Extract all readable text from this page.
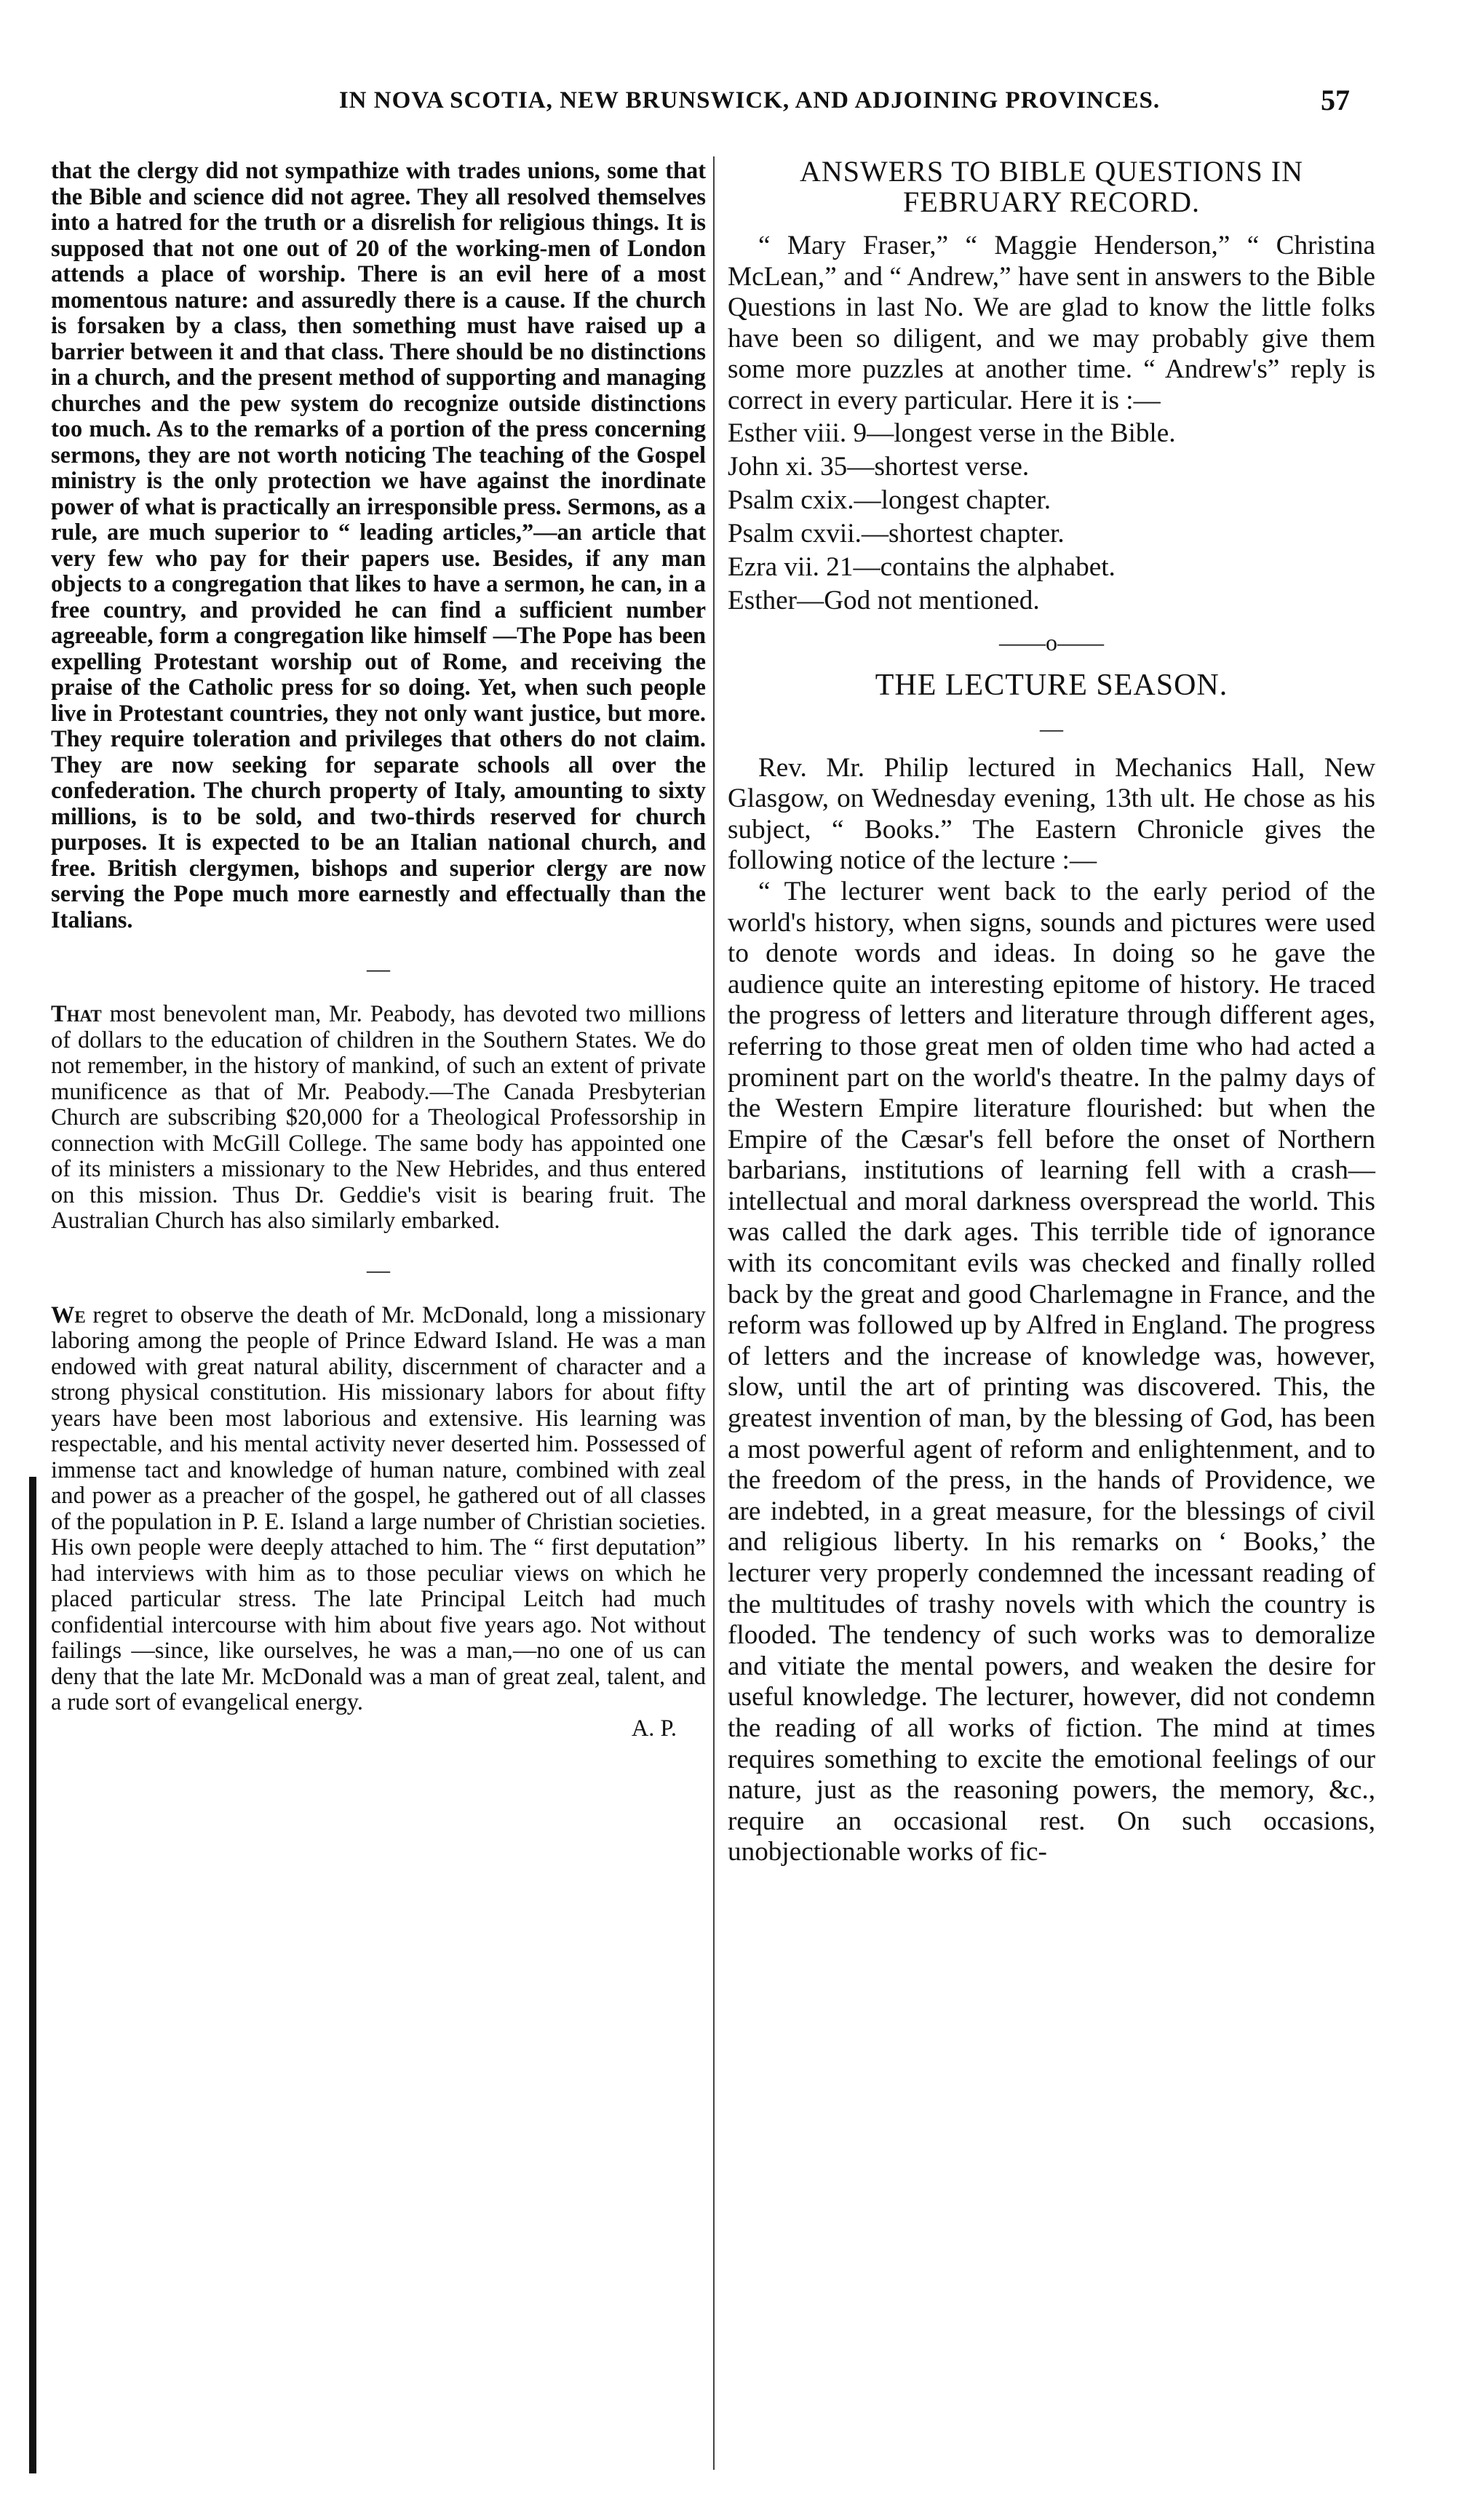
IN NOVA SCOTIA, NEW BRUNSWICK, AND ADJOINING PROVINCES.	57

that the clergy did not sympathize with trades unions, some that the Bible and science did not agree. They all resolved themselves into a hatred for the truth or a disrelish for religious things. It is supposed that not one out of 20 of the working-men of London attends a place of worship. There is an evil here of a most momentous nature: and assuredly there is a cause. If the church is forsaken by a class, then something must have raised up a barrier between it and that class. There should be no distinctions in a church, and the present method of supporting and managing churches and the pew system do recognize outside distinctions too much. As to the remarks of a portion of the press concerning sermons, they are not worth noticing The teaching of the Gospel ministry is the only protection we have against the inordinate power of what is practically an irresponsible press. Sermons, as a rule, are much superior to “ leading articles,”—an article that very few who pay for their papers use. Besides, if any man objects to a congregation that likes to have a sermon, he can, in a free country, and provided he can find a sufficient number agreeable, form a congregation like himself —The Pope has been expelling Protestant worship out of Rome, and receiving the praise of the Catholic press for so doing. Yet, when such people live in Protestant countries, they not only want justice, but more. They require toleration and privileges that others do not claim. They are now seeking for separate schools all over the confederation. The church property of Italy, amounting to sixty millions, is to be sold, and two-thirds reserved for church purposes. It is expected to be an Italian national church, and free. British clergymen, bishops and superior clergy are now serving the Pope much more earnestly and effectually than the Italians.

—

That most benevolent man, Mr. Peabody, has devoted two millions of dollars to the education of children in the Southern States. We do not remember, in the history of mankind, of such an extent of private munificence as that of Mr. Peabody.—The Canada Presbyterian Church are subscribing $20,000 for a Theological Professorship in connection with McGill College. The same body has appointed one of its ministers a missionary to the New Hebrides, and thus entered on this mission. Thus Dr. Geddie's visit is bearing fruit. The Australian Church has also similarly embarked.

—

We regret to observe the death of Mr. McDonald, long a missionary laboring among the people of Prince Edward Island. He was a man endowed with great natural ability, discernment of character and a strong physical constitution. His missionary labors for about fifty years have been most laborious and extensive. His learning was respectable, and his mental activity never deserted him. Possessed of immense tact and knowledge of human nature, combined with zeal and power as a preacher of the gospel, he gathered out of all classes of the population in P. E. Island a large number of Christian societies. His own people were deeply attached to him. The “ first deputation” had interviews with him as to those peculiar views on which he placed particular stress. The late Principal Leitch had much confidential intercourse with him about five years ago. Not without failings —since, like ourselves, he was a man,—no one of us can deny that the late Mr. McDonald was a man of great zeal, talent, and a rude sort of evangelical energy.

A. P.
ANSWERS TO BIBLE QUESTIONS IN FEBRUARY RECORD.

“ Mary Fraser,” “ Maggie Henderson,” “ Christina McLean,” and “ Andrew,” have sent in answers to the Bible Questions in last No. We are glad to know the little folks have been so diligent, and we may probably give them some more puzzles at another time. “ Andrew's” reply is correct in every particular. Here it is :—

Esther viii. 9—longest verse in the Bible.

John xi. 35—shortest verse.

Psalm cxix.—longest chapter.

Psalm cxvii.—shortest chapter.

Ezra vii. 21—contains the alphabet.

Esther—God not mentioned.

——o——
THE LECTURE SEASON.
—

Rev. Mr. Philip lectured in Mechanics Hall, New Glasgow, on Wednesday evening, 13th ult. He chose as his subject, “ Books.” The Eastern Chronicle gives the following notice of the lecture :—

“ The lecturer went back to the early period of the world's history, when signs, sounds and pictures were used to denote words and ideas. In doing so he gave the audience quite an interesting epitome of history. He traced the progress of letters and literature through different ages, referring to those great men of olden time who had acted a prominent part on the world's theatre. In the palmy days of the Western Empire literature flourished: but when the Empire of the Cæsar's fell before the onset of Northern barbarians, institutions of learning fell with a crash—intellectual and moral darkness overspread the world. This was called the dark ages. This terrible tide of ignorance with its concomitant evils was checked and finally rolled back by the great and good Charlemagne in France, and the reform was followed up by Alfred in England. The progress of letters and the increase of knowledge was, however, slow, until the art of printing was discovered. This, the greatest invention of man, by the blessing of God, has been a most powerful agent of reform and enlightenment, and to the freedom of the press, in the hands of Providence, we are indebted, in a great measure, for the blessings of civil and religious liberty. In his remarks on ‘ Books,’ the lecturer very properly condemned the incessant reading of the multitudes of trashy novels with which the country is flooded. The tendency of such works was to demoralize and vitiate the mental powers, and weaken the desire for useful knowledge. The lecturer, however, did not condemn the reading of all works of fiction. The mind at times requires something to excite the emotional feelings of our nature, just as the reasoning powers, the memory, &c., require an occasional rest. On such occasions, unobjectionable works of fic-
